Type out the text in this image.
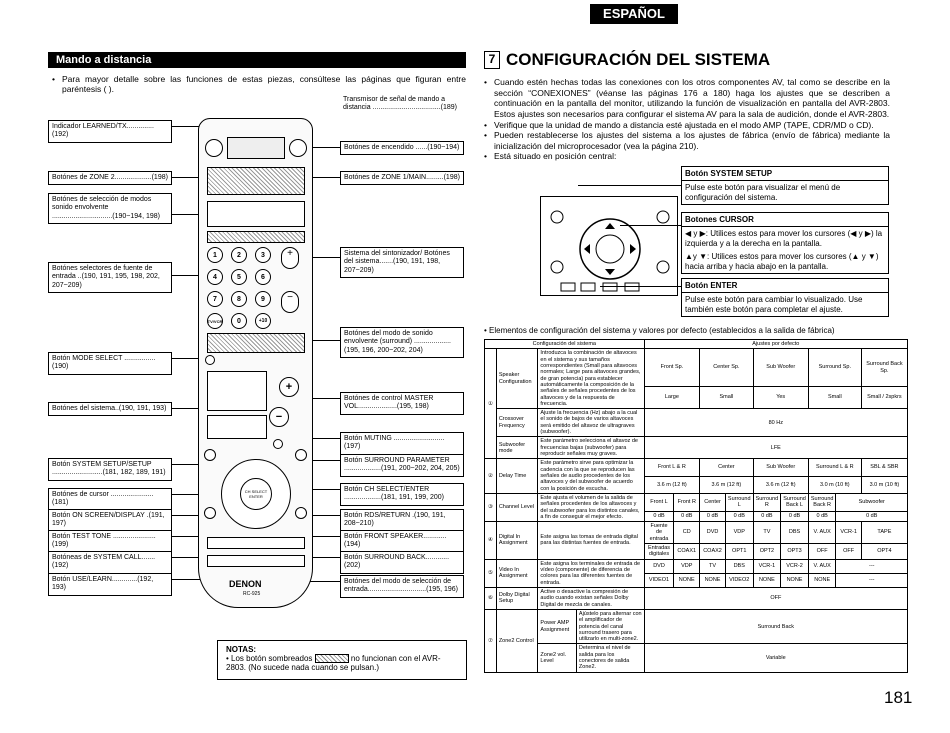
ESPAÑOL
Mando a distancia
• Para mayor detalle sobre las funciones de estas piezas, consúltese las páginas que figuran entre paréntesis ( ).
Indicador LEARNED/TX..............(192)
Botónes de ZONE 2...................(198)
Botónes de selección de modos sonido envolvente ...............................(190~194, 198)
Botónes selectores de fuente de entrada ..(190, 191, 195, 198, 202, 207~209)
Botón MODE SELECT ................(190)
Botónes del sistema..(190, 191, 193)
Botón SYSTEM SETUP/SETUP ..........................(181, 182, 189, 191)
Botónes de cursor ......................(181)
Botón ON SCREEN/DISPLAY .(191, 197)
Botón TEST TONE ......................(199)
Botóneas de SYSTEM CALL.......(192)
Botón USE/LEARN.............(192, 193)
Transmisor de señal de mando a distancia ...................................(189)
Botónes de encendido ......(190~194)
Botónes de ZONE 1/MAIN.........(198)
Sistema del sintonizador/ Botónes del sistema.......(190, 191, 198, 207~209)
Botónes del modo de sonido envolvente (surround) ...................(195, 196, 200~202, 204)
Botónes de control MASTER VOL....................(195, 198)
Botón MUTING ..........................(197)
Botón SURROUND PARAMETER ...................(191, 200~202, 204, 205)
Botón CH SELECT/ENTER ...................(181, 191, 199, 200)
Botón RDS/RETURN .(190, 191, 208~210)
Botón FRONT SPEAKER............(194)
Botón SURROUND BACK............(202)
Botónes del modo de selección de entrada..............................(195, 196)
1	2	3
4	5	6
7	8	9
TV/VCR	0	+10
+
−
+
−
CH SELECT ENTER
DENON
RC-925
NOTAS:
• Los botón sombreados	no funcionan con el AVR-2803. (No sucede nada cuando se pulsan.)
7 CONFIGURACIÓN DEL SISTEMA
• Cuando estén hechas todas las conexiones con los otros componentes AV, tal como se describe en la sección “CONEXIONES” (véanse las páginas 176 a 180) haga los ajustes que se describen a continuación en la pantalla del monitor, utilizando la función de visualización en pantalla del AVR-2803. Estos ajustes son necesarios para configurar el sistema AV para la sala de audición, donde el AVR-2803.
• Verifique que la unidad de mando a distancia esté ajustada en el modo AMP (TAPE, CDR/MD o CD).
• Pueden restablecerse los ajustes del sistema a los ajustes de fábrica (envío de fábrica) mediante la inicialización del microprocesador (vea la página 210).
• Está situado en posición central:
Botón SYSTEM SETUP
Pulse este botón para visualizar el menú de configuración del sistema.
Botones CURSOR
◀ y ▶: Utilices estos para mover los cursores (◀ y ▶) la izquierda y a la derecha en la pantalla.
▲y ▼: Utilices estos para mover los cursores (▲ y ▼) hacia arriba y hacia abajo en la pantalla.
Botón ENTER
Pulse este botón para cambiar lo visualizado. Use también este botón para completar el ajuste.
• Elementos de configuración del sistema y valores por defecto (establecidos a la salida de fábrica)
Configuración del sistema	Ajustes por defecto
①	Speaker Configuration	Introduzca la combinación de altavoces en el sistema y sus tamaños correspondientes (Small para altavoces normales; Large para altavoces grandes, de gran potencia) para establecer automáticamente la composición de la señales de señales procedentes de los altavoces y de la respuesta de frecuencia.	Front Sp.	Center Sp.	Sub Woofer	Surround Sp.	Surround Back Sp.
Large	Small	Yes	Small	Small / 2spkrs
Crossover Frequency	Ajuste la frecuencia (Hz) abajo a la cual el sonido de bajos de varios altavoces será emitido del altavoz de ultragraves (subwoofer).	80 Hz
Subwoofer mode	Este parámetro selecciona el altavoz de frecuencias bajas (subwoofer) para reproducir señales muy graves.	LFE
②	Delay Time	Este parámetro sirve para optimizar la cadencia con la que se reproducen las señales de audio procedentes de los altavoces y del subwoofer de acuerdo con la posición de escucha.	Front L & R	Center	Sub Woofer	Surround L & R	SBL & SBR
3.6 m (12 ft)	3.6 m (12 ft)	3.6 m (12 ft)	3.0 m (10 ft)	3.0 m (10 ft)
③	Channel Level	Este ajusta el volumen de la salida de señales procedentes de los altavoces y del subwoofer para los distintos canales, a fin de conseguir el mejor efecto.	Front L	Front R	Center	Surround L	Surround R	Surround Back L	Surround Back R	Subwoofer
0 dB	0 dB	0 dB	0 dB	0 dB	0 dB	0 dB	0 dB
④	Digital In Assignment	Este asigna las tomas de entrada digital para las distintas fuentes de entrada.	Fuente de entrada	CD	DVD	VDP	TV	DBS	V. AUX	VCR-1	TAPE
Entradas digitales	COAX1	COAX2	OPT1	OPT2	OPT3	OFF	OFF	OPT4
⑤	Video In Assignment	Este asigna los terminales de entrada de vídeo (componente) de diferencia de colores para las diferentes fuentes de entrada.	DVD	VDP	TV	DBS	VCR-1	VCR-2	V. AUX	---
VIDEO1	NONE	NONE	VIDEO2	NONE	NONE	NONE	---
⑥	Dolby Digital Setup	Active o desactive la compresión de audio cuando existan señales Dolby Digital de mezcla de canales.	OFF
⑦	Zone2 Control	
Power AMP Assignment	Ajústelo para alternar con el amplificador de potencia del canal surround trasero para utilizarlo en multi-zone2.
	Surround Back

Zone2 vol. Level	Determina el nivel de salida para los conectores de salida Zone2.
	Variable
181
